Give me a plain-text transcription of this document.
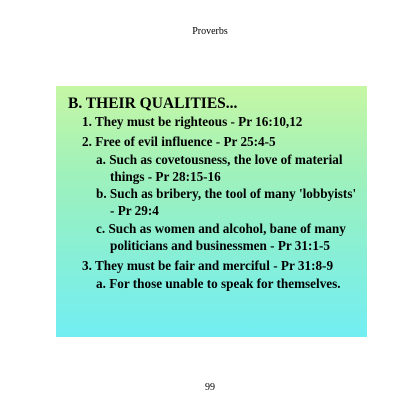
Proverbs
B. THEIR QUALITIES...
1. They must be righteous - Pr 16:10,12
2. Free of evil influence - Pr 25:4-5
a. Such as covetousness, the love of material
things - Pr 28:15-16
b. Such as bribery, the tool of many 'lobbyists'
- Pr 29:4
c. Such as women and alcohol, bane of many
politicians and businessmen - Pr 31:1-5
3. They must be fair and merciful - Pr 31:8-9
a. For those unable to speak for themselves.
99
